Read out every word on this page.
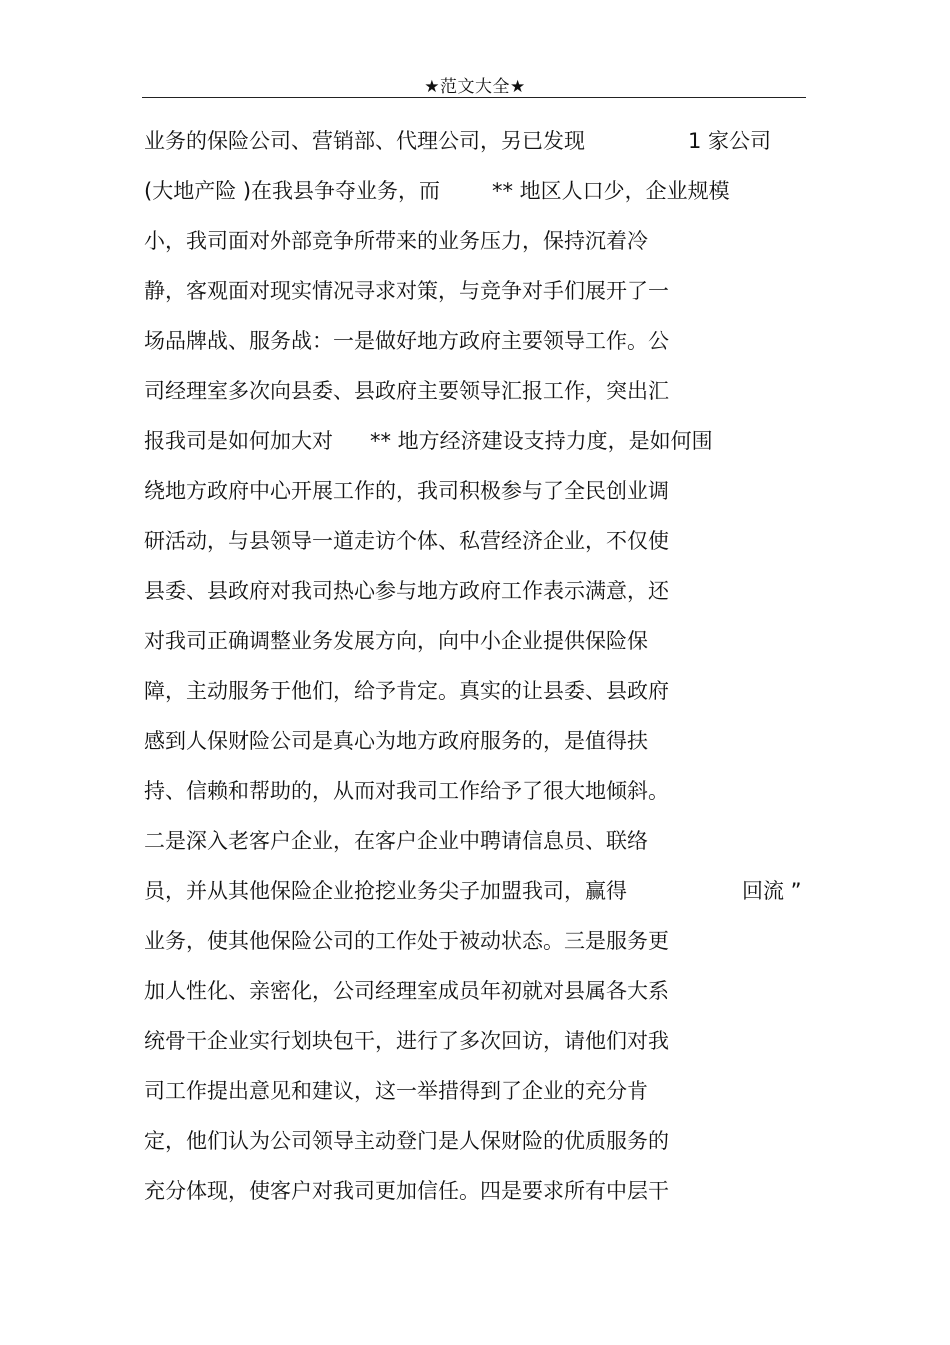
★范文大全★
业务的保险公司、营销部、代理公司，另已发现	1 家公司
(大地产险 )在我县争夺业务，而 ** 地区人口少，企业规模
小，我司面对外部竞争所带来的业务压力，保持沉着冷
静，客观面对现实情况寻求对策，与竞争对手们展开了一
场品牌战、服务战：一是做好地方政府主要领导工作。公
司经理室多次向县委、县政府主要领导汇报工作，突出汇
报我司是如何加大对 ** 地方经济建设支持力度，是如何围
绕地方政府中心开展工作的，我司积极参与了全民创业调
研活动，与县领导一道走访个体、私营经济企业，不仅使
县委、县政府对我司热心参与地方政府工作表示满意，还
对我司正确调整业务发展方向，向中小企业提供保险保
障，主动服务于他们，给予肯定。真实的让县委、县政府
感到人保财险公司是真心为地方政府服务的，是值得扶
持、信赖和帮助的，从而对我司工作给予了很大地倾斜。
二是深入老客户企业，在客户企业中聘请信息员、联络
员，并从其他保险企业抢挖业务尖子加盟我司，赢得	回流 ”
业务，使其他保险公司的工作处于被动状态。三是服务更
加人性化、亲密化，公司经理室成员年初就对县属各大系
统骨干企业实行划块包干，进行了多次回访，请他们对我
司工作提出意见和建议，这一举措得到了企业的充分肯
定，他们认为公司领导主动登门是人保财险的优质服务的
充分体现，使客户对我司更加信任。四是要求所有中层干
